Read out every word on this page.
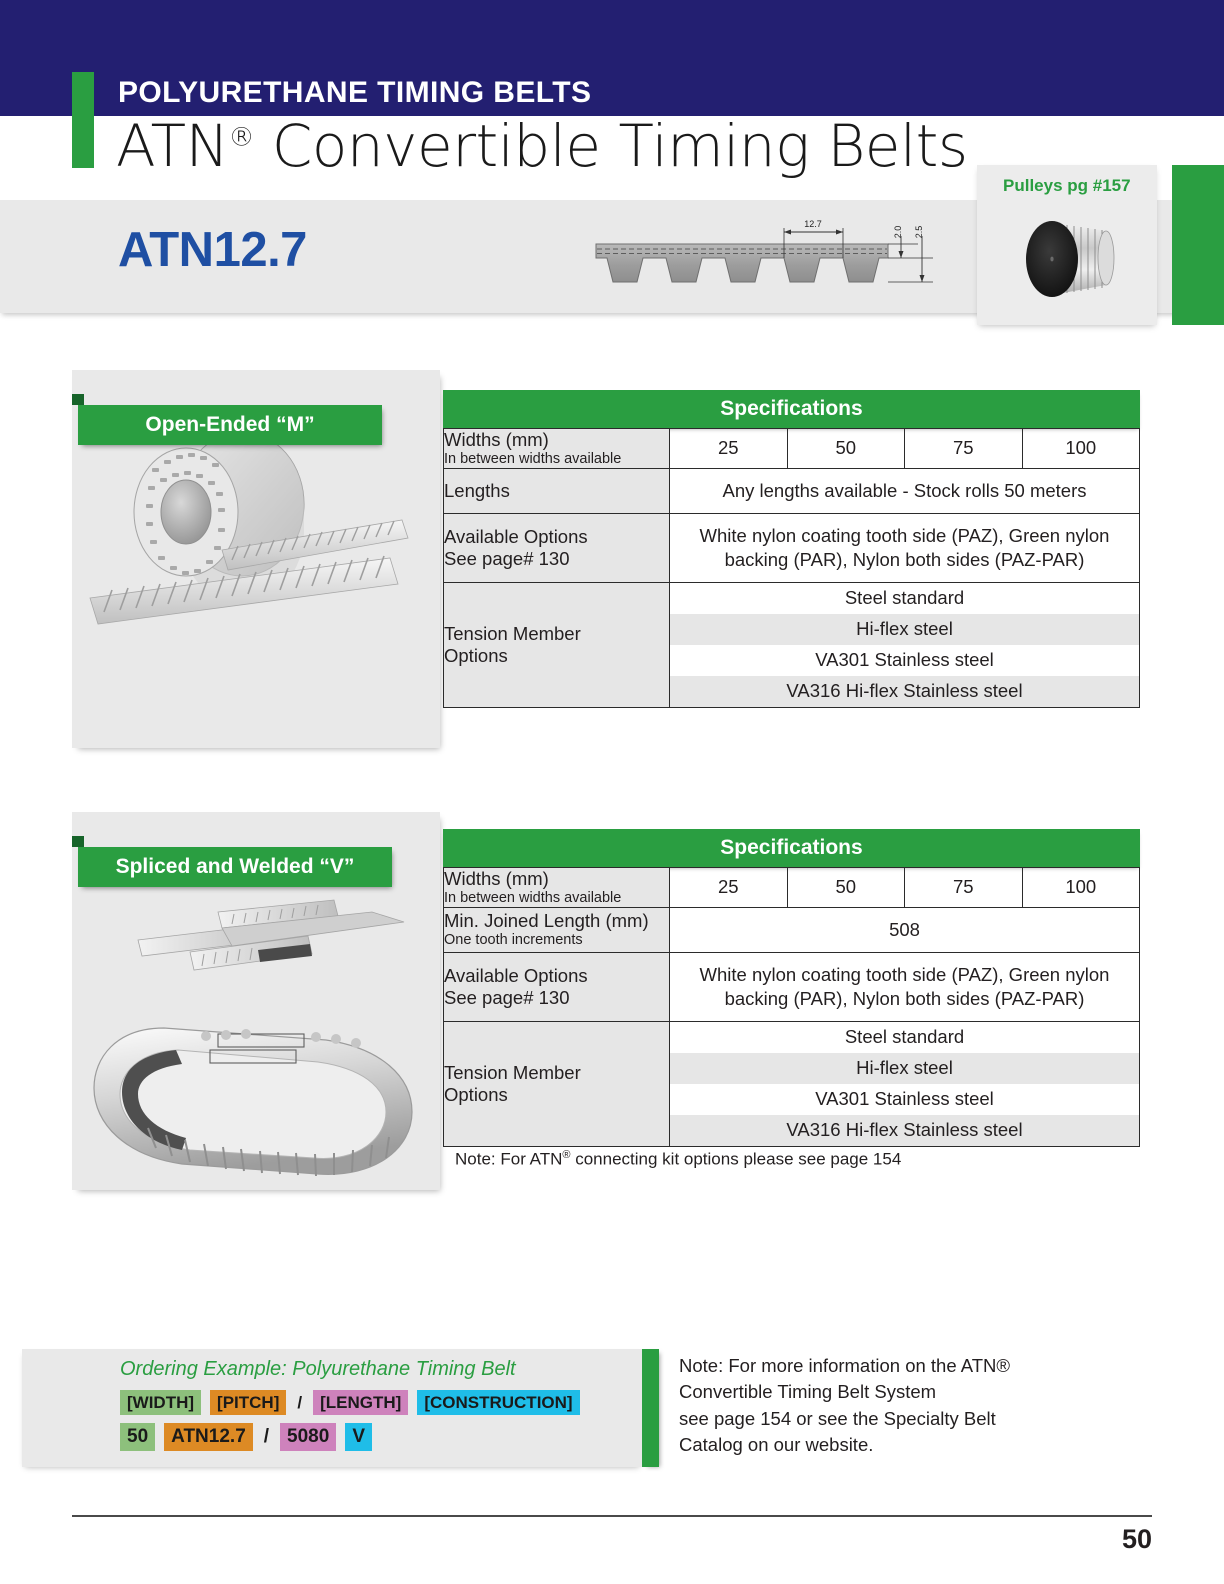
POLYURETHANE TIMING BELTS
ATN® Convertible Timing Belts
ATN12.7	12.7
2.0 2.5
Pulleys pg #157
Open-Ended “M”
Specifications
Widths (mm)
In between widths available	25	50	75	100
Lengths	Any lengths available - Stock rolls 50 meters			
Available Options
See page# 130	White nylon coating tooth side (PAZ), Green nylon backing (PAR), Nylon both sides (PAZ-PAR)			
Tension Member
Options

Steel standard
Hi-flex steel
VA301 Stainless steel
VA316 Hi-flex Stainless steel
Spliced and Welded “V”
Specifications
Widths (mm)
In between widths available	25	50	75	100
Min. Joined Length (mm)
One tooth increments	508			
Available Options
See page# 130	White nylon coating tooth side (PAZ), Green nylon backing (PAR), Nylon both sides (PAZ-PAR)			
Tension Member
Options

Steel standard
Hi-flex steel
VA301 Stainless steel
VA316 Hi-flex Stainless steel
Note: For ATN® connecting kit options please see page 154
Ordering Example: Polyurethane Timing Belt
[WIDTH]	[PITCH]	/	[LENGTH]	[CONSTRUCTION]
50	ATN12.7 / 5080	V
Note: For more information on the ATN®
Convertible Timing Belt System
see page 154 or see the Specialty Belt
Catalog on our website.
50
